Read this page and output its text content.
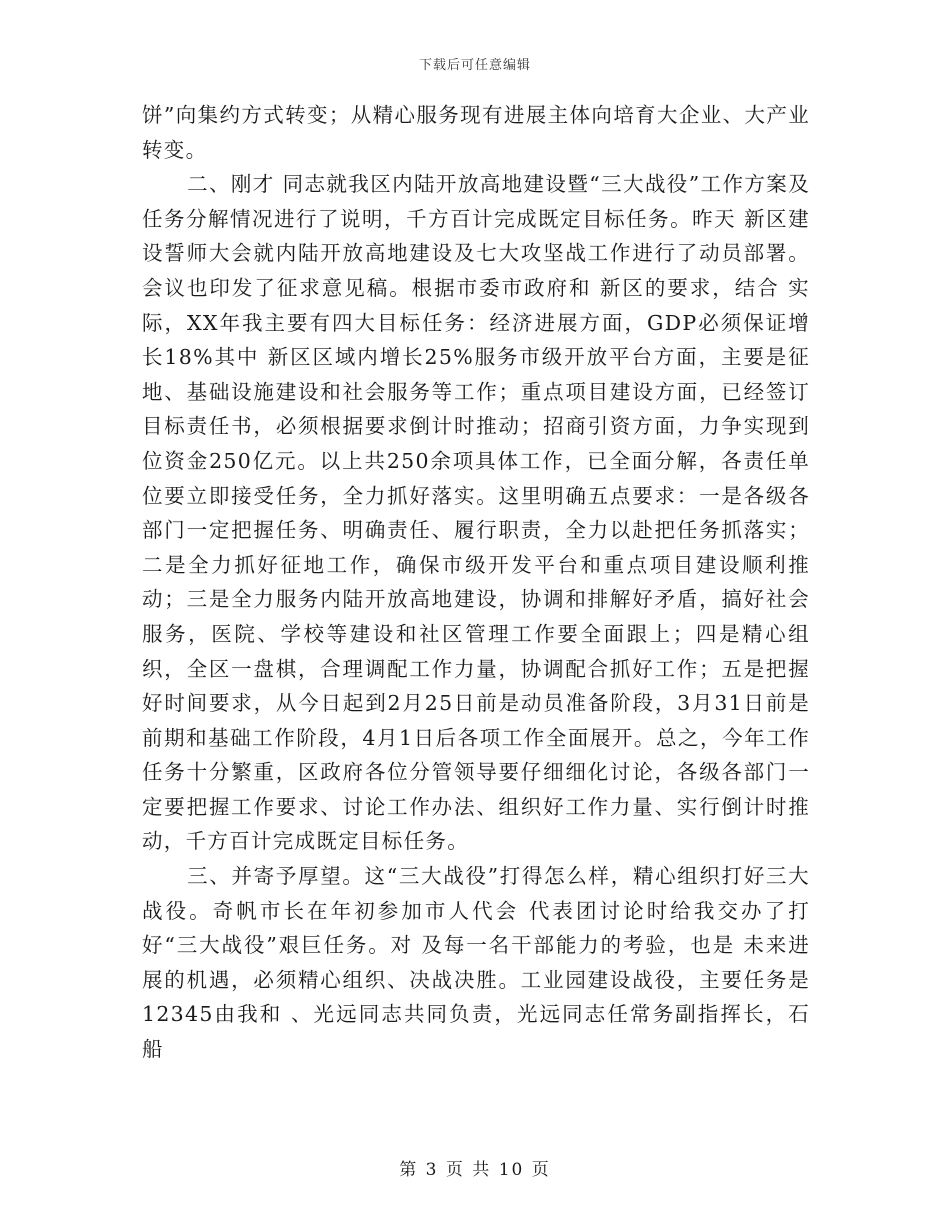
下载后可任意编辑

饼”向集约方式转变；从精心服务现有进展主体向培育大企业、大产业转变。

二、刚才 同志就我区内陆开放高地建设暨“三大战役”工作方案及任务分解情况进行了说明，千方百计完成既定目标任务。昨天 新区建设誓师大会就内陆开放高地建设及七大攻坚战工作进行了动员部署。会议也印发了征求意见稿。根据市委市政府和 新区的要求，结合 实际，XX年我主要有四大目标任务：经济进展方面，GDP必须保证增长18%其中 新区区域内增长25%服务市级开放平台方面，主要是征地、基础设施建设和社会服务等工作；重点项目建设方面，已经签订目标责任书，必须根据要求倒计时推动；招商引资方面，力争实现到位资金250亿元。以上共250余项具体工作，已全面分解，各责任单位要立即接受任务，全力抓好落实。这里明确五点要求：一是各级各部门一定把握任务、明确责任、履行职责，全力以赴把任务抓落实；二是全力抓好征地工作，确保市级开发平台和重点项目建设顺利推动；三是全力服务内陆开放高地建设，协调和排解好矛盾，搞好社会服务，医院、学校等建设和社区管理工作要全面跟上；四是精心组织，全区一盘棋，合理调配工作力量，协调配合抓好工作；五是把握好时间要求，从今日起到2月25日前是动员准备阶段，3月31日前是前期和基础工作阶段，4月1日后各项工作全面展开。总之，今年工作任务十分繁重，区政府各位分管领导要仔细细化讨论，各级各部门一定要把握工作要求、讨论工作办法、组织好工作力量、实行倒计时推动，千方百计完成既定目标任务。

三、并寄予厚望。这“三大战役”打得怎么样，精心组织打好三大战役。奇帆市长在年初参加市人代会 代表团讨论时给我交办了打好“三大战役”艰巨任务。对 及每一名干部能力的考验，也是 未来进展的机遇，必须精心组织、决战决胜。工业园建设战役，主要任务是12345由我和 、光远同志共同负责，光远同志任常务副指挥长，石船

第 3 页 共 10 页
